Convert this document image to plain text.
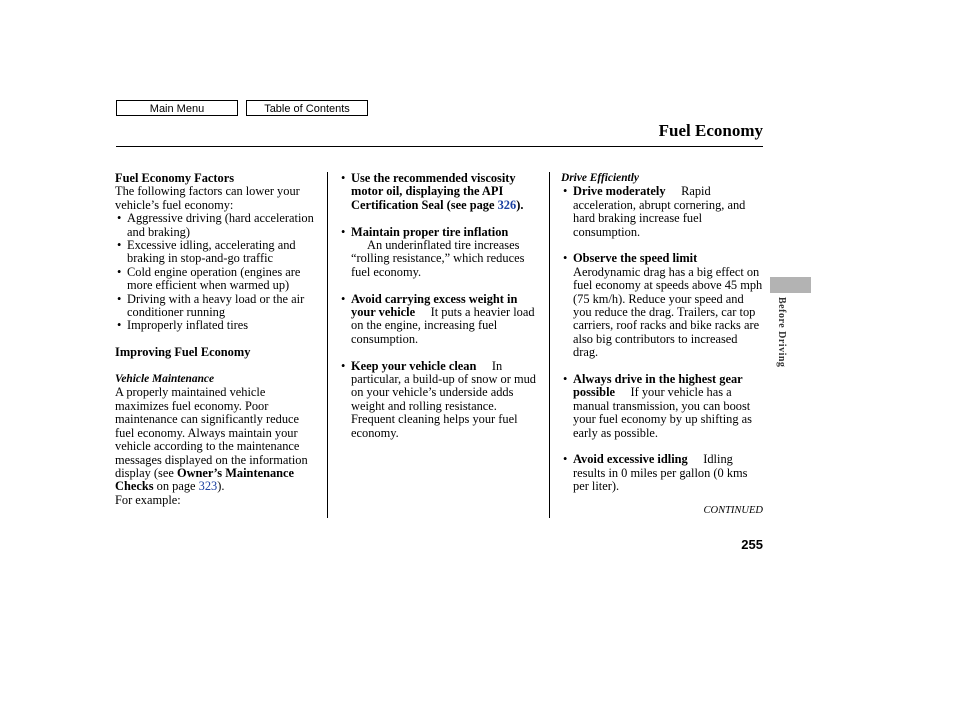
Main Menu	Table of Contents
Fuel Economy

Fuel Economy Factors

The following factors can lower your vehicle’s fuel economy:

• Aggressive driving (hard acceleration and braking)
• Excessive idling, accelerating and braking in stop-and-go traffic
• Cold engine operation (engines are more efficient when warmed up)
• Driving with a heavy load or the air conditioner running
• Improperly inflated tires

Improving Fuel Economy

Vehicle Maintenance

A properly maintained vehicle maximizes fuel economy. Poor maintenance can significantly reduce fuel economy. Always maintain your vehicle according to the maintenance messages displayed on the information display (see Owner’s Maintenance Checks on page 323).

For example:

• Use the recommended viscosity motor oil, displaying the API Certification Seal (see page 326).
• Maintain proper tire inflation
An underinflated tire increases “rolling resistance,” which reduces fuel economy.
• Avoid carrying excess weight in your vehicle It puts a heavier load on the engine, increasing fuel consumption.
• Keep your vehicle clean In particular, a build-up of snow or mud on your vehicle’s underside adds weight and rolling resistance. Frequent cleaning helps your fuel economy.
Drive Efficiently
• Drive moderately Rapid acceleration, abrupt cornering, and hard braking increase fuel consumption.
• Observe the speed limit
Aerodynamic drag has a big effect on fuel economy at speeds above 45 mph (75 km/h). Reduce your speed and you reduce the drag. Trailers, car top carriers, roof racks and bike racks are also big contributors to increased drag.
• Always drive in the highest gear possible If your vehicle has a manual transmission, you can boost your fuel economy by up shifting as early as possible.
• Avoid excessive idling Idling results in 0 miles per gallon (0 kms per liter).
CONTINUED
255
Before Driving
